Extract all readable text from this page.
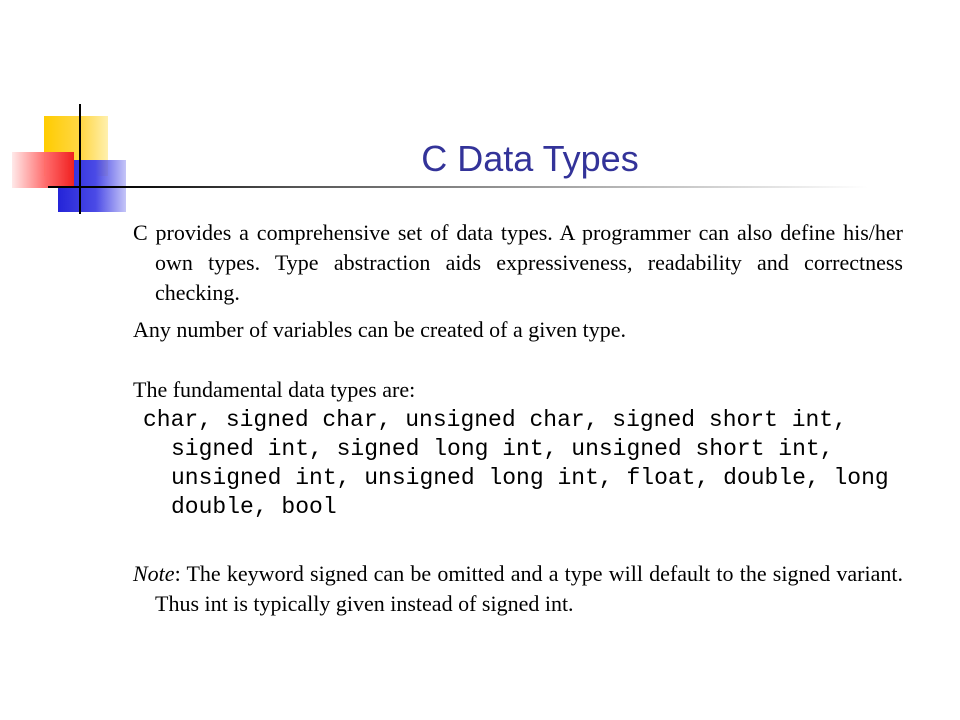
C Data Types

C provides a comprehensive set of data types. A programmer can also define his/her own types. Type abstraction aids expressiveness, readability and correctness checking.

Any number of variables can be created of a given type.

The fundamental data types are:

char, signed char, unsigned char, signed short int, signed int, signed long int, unsigned short int, unsigned int, unsigned long int, float, double, long double, bool

Note: The keyword signed can be omitted and a type will default to the signed variant. Thus int is typically given instead of signed int.
